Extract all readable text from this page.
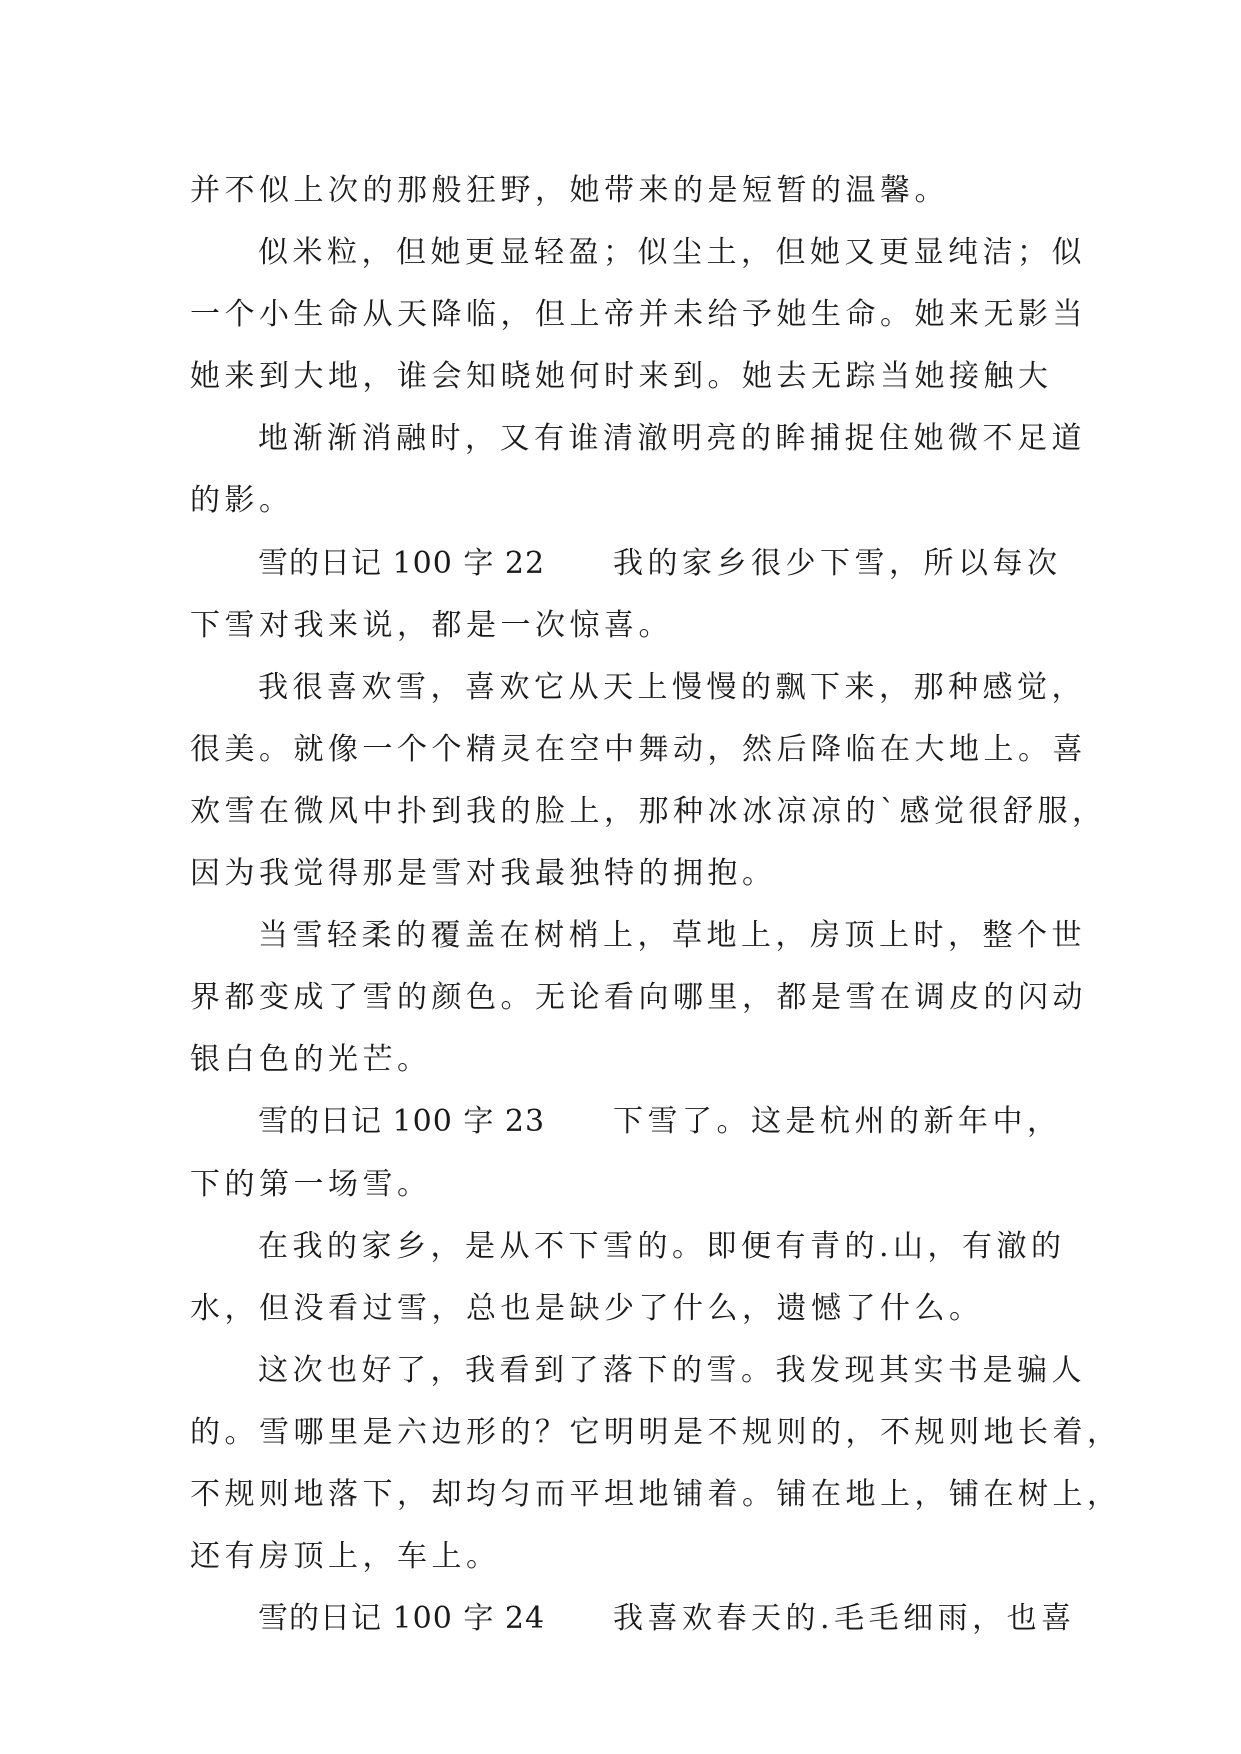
并不似上次的那般狂野，她带来的是短暂的温馨。
似米粒，但她更显轻盈；似尘土，但她又更显纯洁；似
一个小生命从天降临，但上帝并未给予她生命。她来无影当
她来到大地，谁会知晓她何时来到。她去无踪当她接触大
地渐渐消融时，又有谁清澈明亮的眸捕捉住她微不足道
的影。
雪的日记 100 字 22 我的家乡很少下雪，所以每次
下雪对我来说，都是一次惊喜。
我很喜欢雪，喜欢它从天上慢慢的飘下来，那种感觉，
很美。就像一个个精灵在空中舞动，然后降临在大地上。喜
欢雪在微风中扑到我的脸上，那种冰冰凉凉的`感觉很舒服，
因为我觉得那是雪对我最独特的拥抱。
当雪轻柔的覆盖在树梢上，草地上，房顶上时，整个世
界都变成了雪的颜色。无论看向哪里，都是雪在调皮的闪动
银白色的光芒。
雪的日记 100 字 23 下雪了。这是杭州的新年中，
下的第一场雪。
在我的家乡，是从不下雪的。即便有青的.山，有澈的
水，但没看过雪，总也是缺少了什么，遗憾了什么。
这次也好了，我看到了落下的雪。我发现其实书是骗人
的。雪哪里是六边形的？它明明是不规则的，不规则地长着，
不规则地落下，却均匀而平坦地铺着。铺在地上，铺在树上，
还有房顶上，车上。
雪的日记 100 字 24 我喜欢春天的.毛毛细雨，也喜
